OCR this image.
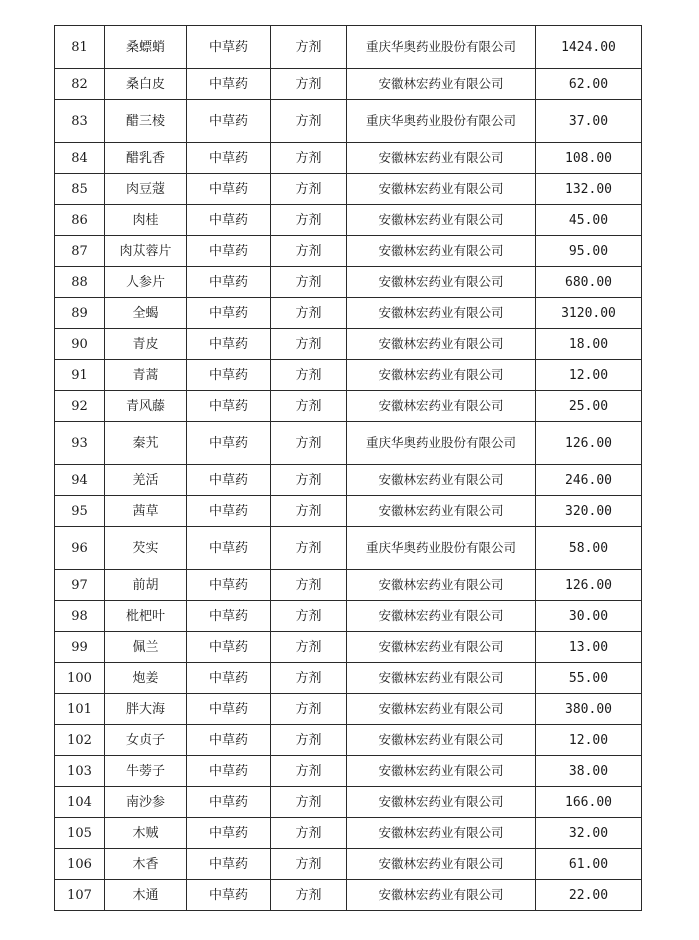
81	桑螵蛸	中草药	方剂	重庆华奥药业股份有限公司	1424.00
82	桑白皮	中草药	方剂	安徽林宏药业有限公司	62.00
83	醋三棱	中草药	方剂	重庆华奥药业股份有限公司	37.00
84	醋乳香	中草药	方剂	安徽林宏药业有限公司	108.00
85	肉豆蔻	中草药	方剂	安徽林宏药业有限公司	132.00
86	肉桂	中草药	方剂	安徽林宏药业有限公司	45.00
87	肉苁蓉片	中草药	方剂	安徽林宏药业有限公司	95.00
88	人参片	中草药	方剂	安徽林宏药业有限公司	680.00
89	全蝎	中草药	方剂	安徽林宏药业有限公司	3120.00
90	青皮	中草药	方剂	安徽林宏药业有限公司	18.00
91	青蒿	中草药	方剂	安徽林宏药业有限公司	12.00
92	青风藤	中草药	方剂	安徽林宏药业有限公司	25.00
93	秦艽	中草药	方剂	重庆华奥药业股份有限公司	126.00
94	羌活	中草药	方剂	安徽林宏药业有限公司	246.00
95	茜草	中草药	方剂	安徽林宏药业有限公司	320.00
96	芡实	中草药	方剂	重庆华奥药业股份有限公司	58.00
97	前胡	中草药	方剂	安徽林宏药业有限公司	126.00
98	枇杷叶	中草药	方剂	安徽林宏药业有限公司	30.00
99	佩兰	中草药	方剂	安徽林宏药业有限公司	13.00
100	炮姜	中草药	方剂	安徽林宏药业有限公司	55.00
101	胖大海	中草药	方剂	安徽林宏药业有限公司	380.00
102	女贞子	中草药	方剂	安徽林宏药业有限公司	12.00
103	牛蒡子	中草药	方剂	安徽林宏药业有限公司	38.00
104	南沙参	中草药	方剂	安徽林宏药业有限公司	166.00
105	木贼	中草药	方剂	安徽林宏药业有限公司	32.00
106	木香	中草药	方剂	安徽林宏药业有限公司	61.00
107	木通	中草药	方剂	安徽林宏药业有限公司	22.00
